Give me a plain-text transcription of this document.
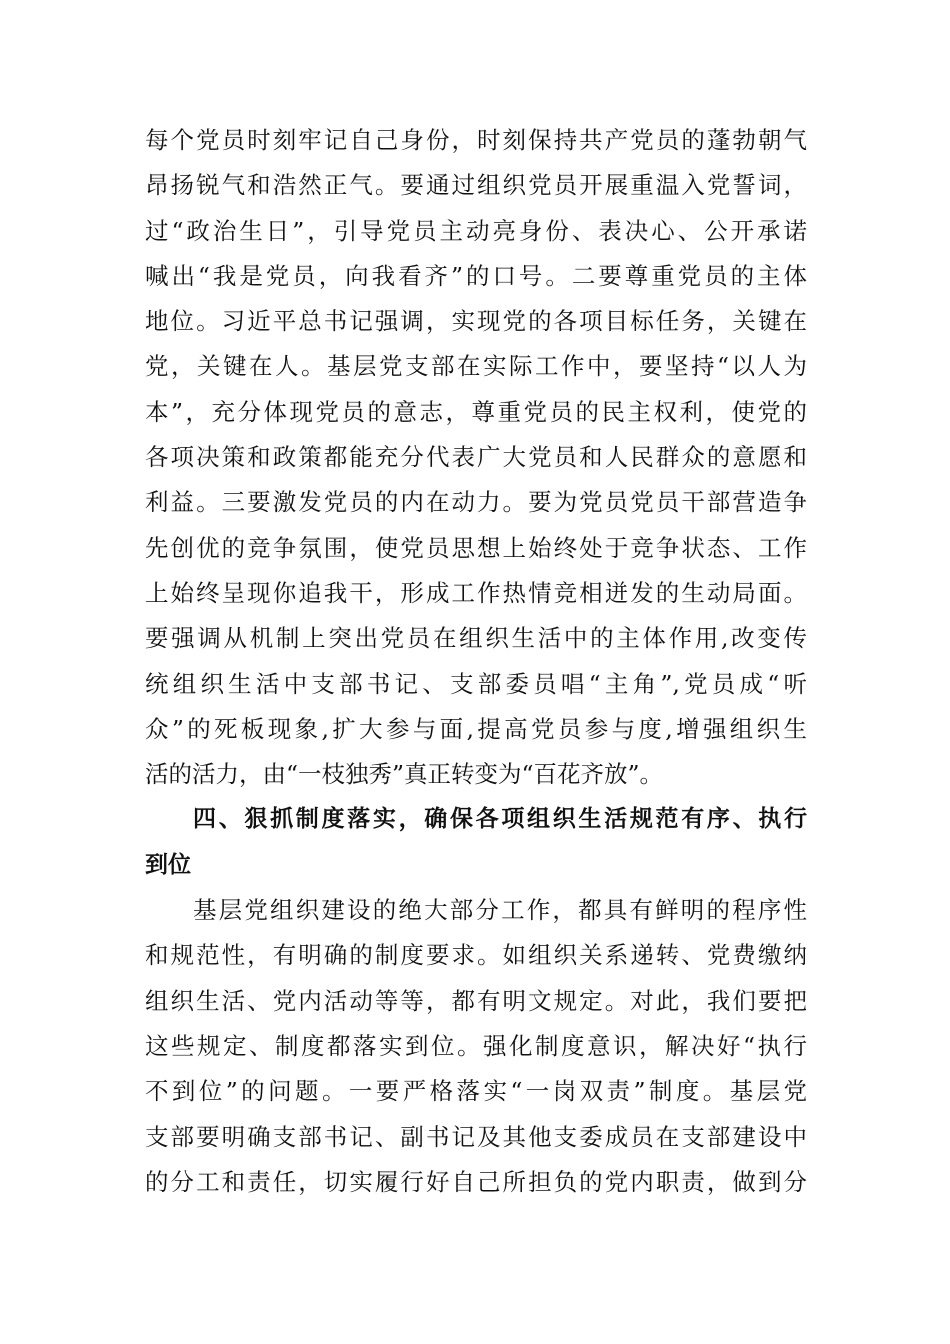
每个党员时刻牢记自己身份，时刻保持共产党员的蓬勃朝气
昂扬锐气和浩然正气。要通过组织党员开展重温入党誓词，
过“政治生日”，引导党员主动亮身份、表决心、公开承诺
喊出“我是党员，向我看齐”的口号。二要尊重党员的主体
地位。习近平总书记强调，实现党的各项目标任务，关键在
党，关键在人。基层党支部在实际工作中，要坚持“以人为
本”，充分体现党员的意志，尊重党员的民主权利，使党的
各项决策和政策都能充分代表广大党员和人民群众的意愿和
利益。三要激发党员的内在动力。要为党员党员干部营造争
先创优的竞争氛围，使党员思想上始终处于竞争状态、工作
上始终呈现你追我干，形成工作热情竞相迸发的生动局面。
要强调从机制上突出党员在组织生活中的主体作用,改变传
统组织生活中支部书记、支部委员唱“主角”,党员成“听
众”的死板现象,扩大参与面,提高党员参与度,增强组织生
活的活力，由“一枝独秀”真正转变为“百花齐放”。
四、狠抓制度落实，确保各项组织生活规范有序、执行
到位
基层党组织建设的绝大部分工作，都具有鲜明的程序性
和规范性，有明确的制度要求。如组织关系递转、党费缴纳
组织生活、党内活动等等，都有明文规定。对此，我们要把
这些规定、制度都落实到位。强化制度意识，解决好“执行
不到位”的问题。一要严格落实“一岗双责”制度。基层党
支部要明确支部书记、副书记及其他支委成员在支部建设中
的分工和责任，切实履行好自己所担负的党内职责，做到分
